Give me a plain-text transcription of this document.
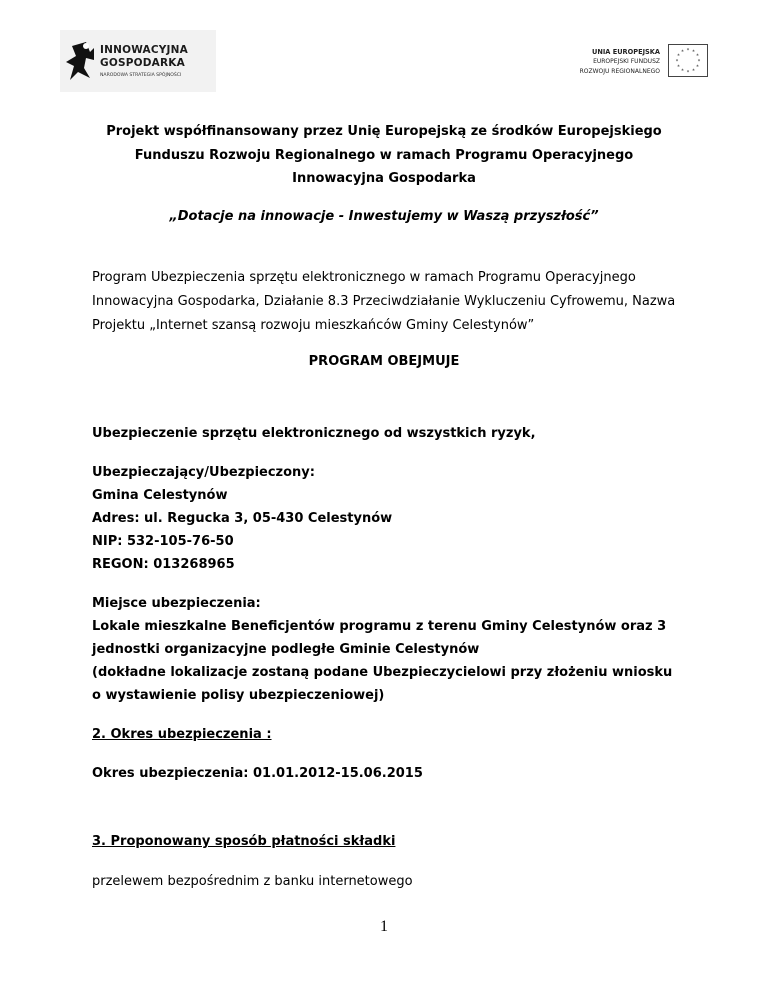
INNOWACYJNA
GOSPODARKA
NARODOWA STRATEGIA SPÓJNOŚCI
UNIA EUROPEJSKA
EUROPEJSKI FUNDUSZ
ROZWOJU REGIONALNEGO
* *
*
*
*
*
*
*
*
*
*
*
Projekt współfinansowany przez Unię Europejską ze środków Europejskiego
Funduszu Rozwoju Regionalnego w ramach Programu Operacyjnego
Innowacyjna Gospodarka
„Dotacje na innowacje - Inwestujemy w Waszą przyszłość”
Program Ubezpieczenia sprzętu elektronicznego w ramach Programu Operacyjnego
Innowacyjna Gospodarka, Działanie 8.3 Przeciwdziałanie Wykluczeniu Cyfrowemu, Nazwa
Projektu „Internet szansą rozwoju mieszkańców Gminy Celestynów”
PROGRAM OBEJMUJE
Ubezpieczenie sprzętu elektronicznego od wszystkich ryzyk,
Ubezpieczający/Ubezpieczony:
Gmina Celestynów
Adres: ul. Regucka 3, 05-430 Celestynów
NIP: 532-105-76-50
REGON: 013268965
Miejsce ubezpieczenia:
Lokale mieszkalne Beneficjentów programu z terenu Gminy Celestynów oraz 3
jednostki organizacyjne podległe Gminie Celestynów
(dokładne lokalizacje zostaną podane Ubezpieczycielowi przy złożeniu wniosku
o wystawienie polisy ubezpieczeniowej)
2. Okres ubezpieczenia :
Okres ubezpieczenia: 01.01.2012-15.06.2015
3. Proponowany sposób płatności składki
przelewem bezpośrednim z banku internetowego
1
